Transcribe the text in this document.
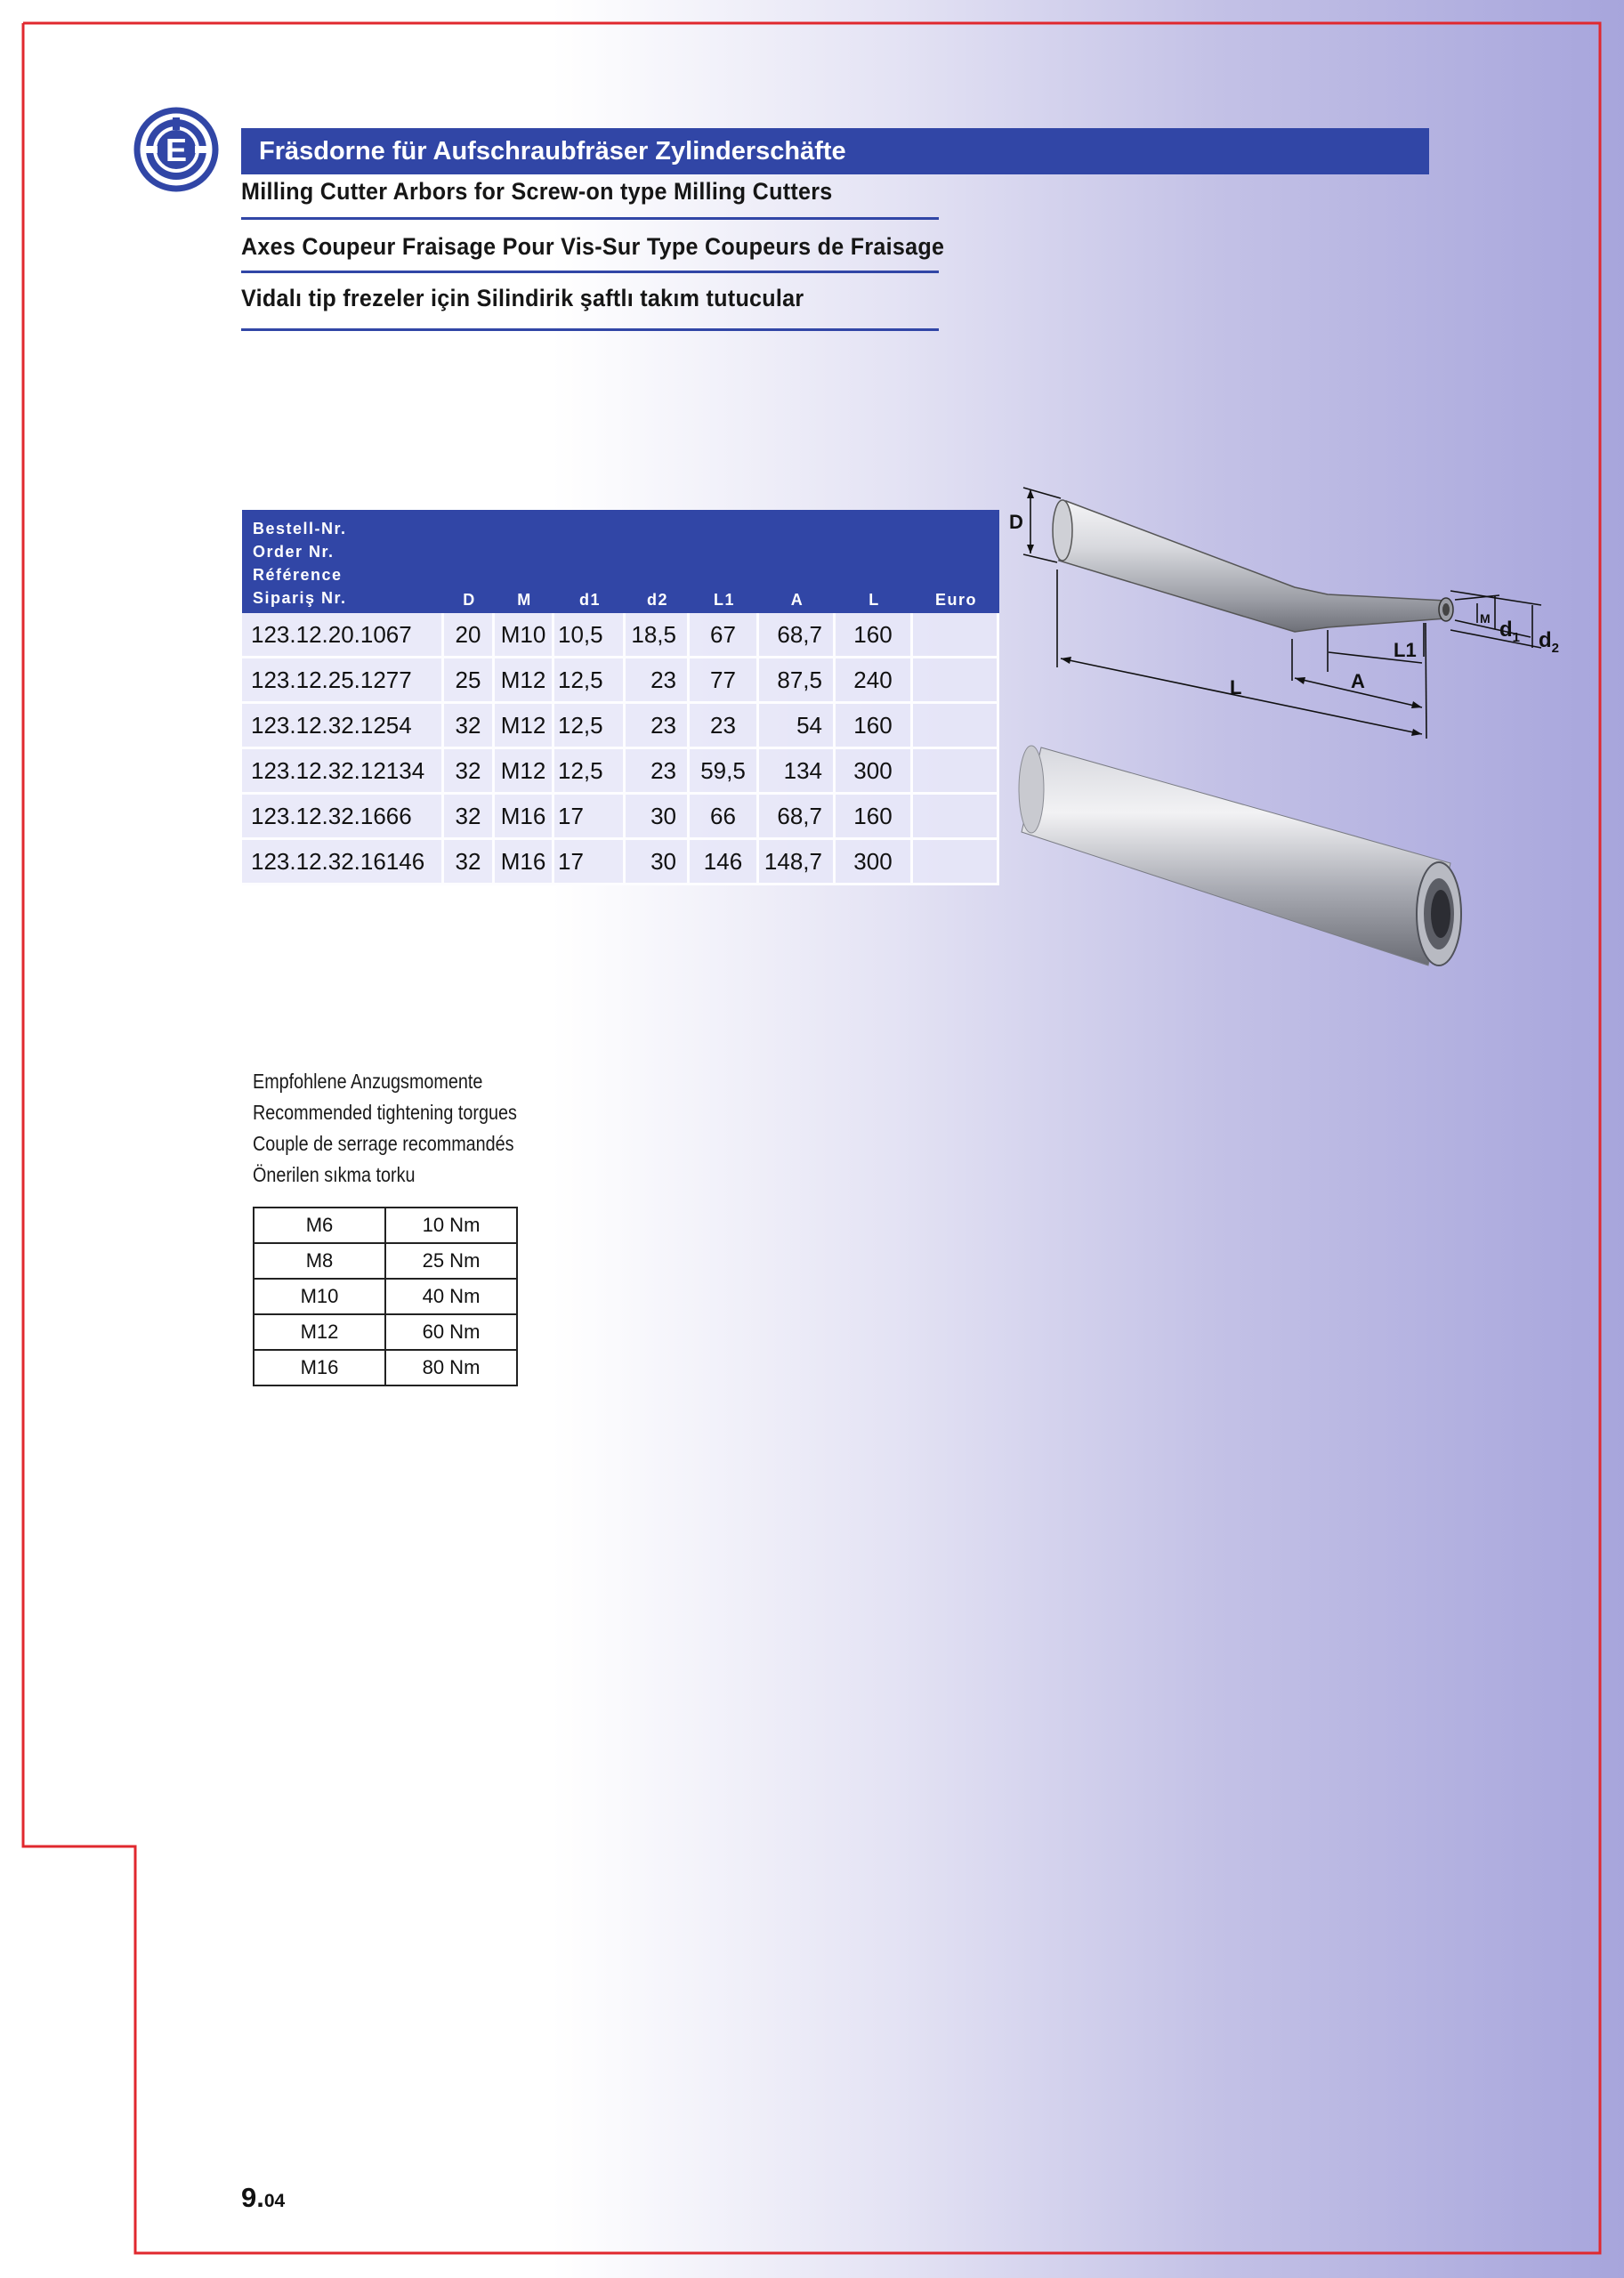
E	Fräsdorne für Aufschraubfräser Zylinderschäfte
Milling Cutter Arbors for Screw-on type Milling Cutters
Axes Coupeur Fraisage Pour Vis-Sur Type Coupeurs de Fraisage
Vidalı tip frezeler için Silindirik şaftlı takım tutucular
Bestell-Nr.
Order Nr.
Référence
Sipariş Nr.	D	M	d1	d2	L1	A	L	Euro
123.12.20.1067	20	M10	10,5	18,5	67	68,7	160	
123.12.25.1277	25	M12	12,5	23	77	87,5	240	
123.12.32.1254	32	M12	12,5	23	23	54	160	
123.12.32.12134	32	M12	12,5	23	59,5	134	300	
123.12.32.1666	32	M16	17	30	66	68,7	160	
123.12.32.16146	32	M16	17	30	146	148,7	300	
D
M $d_1$ $d_2$
L1
A
L
Empfohlene Anzugsmomente
Recommended tightening torgues
Couple de serrage recommandés
Önerilen sıkma torku
M6	10 Nm
M8	25 Nm
M10	40 Nm
M12	60 Nm
M16	80 Nm
9.04
